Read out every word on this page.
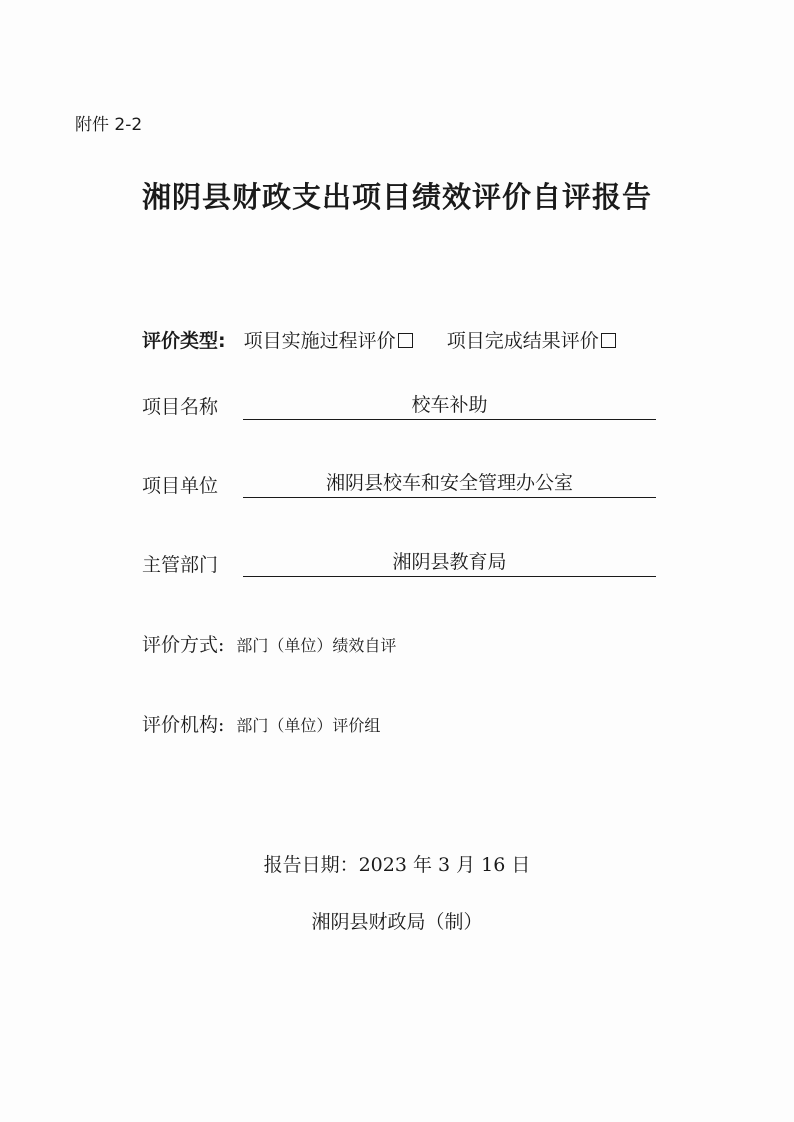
附件 2-2
湘阴县财政支出项目绩效评价自评报告
评价类型: 项目实施过程评价	项目完成结果评价
项目名称	校车补助
项目单位	湘阴县校车和安全管理办公室
主管部门	湘阴县教育局
评价方式: 部门（单位）绩效自评
评价机构: 部门（单位）评价组
报告日期：2023 年 3 月 16 日
湘阴县财政局（制）
